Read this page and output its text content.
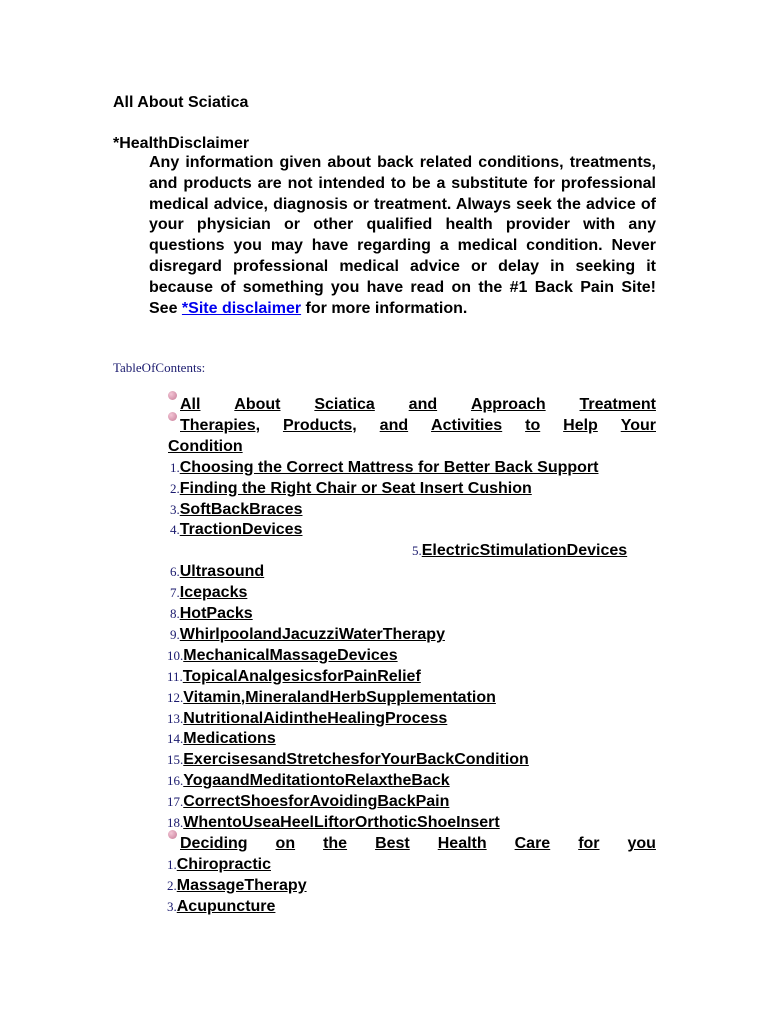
All About Sciatica
*HealthDisclaimer
Any information given about back related conditions, treatments, and products are not intended to be a substitute for professional medical advice, diagnosis or treatment. Always seek the advice of your physician or other qualified health provider with any questions you may have regarding a medical condition. Never disregard professional medical advice or delay in seeking it because of something you have read on the #1 Back Pain Site! See *Site disclaimer for more information.
TableOfContents:
All About Sciatica and Approach Treatment
Therapies, Products, and Activities to Help Your
Condition
1.Choosing the Correct Mattress for Better Back Support
2.Finding the Right Chair or Seat Insert Cushion
3.SoftBackBraces
4.TractionDevices
5.ElectricStimulationDevices
6.Ultrasound
7.Icepacks
8.HotPacks
9.WhirlpoolandJacuzziWaterTherapy
10.MechanicalMassageDevices
11.TopicalAnalgesicsforPainRelief
12.Vitamin,MineralandHerbSupplementation
13.NutritionalAidintheHealingProcess
14.Medications
15.ExercisesandStretchesforYourBackCondition
16.YogaandMeditationtoRelaxtheBack
17.CorrectShoesforAvoidingBackPain
18.WhentoUseaHeelLiftorOrthoticShoeInsert
Deciding on the Best Health Care for you
1.Chiropractic
2.MassageTherapy
3.Acupuncture
